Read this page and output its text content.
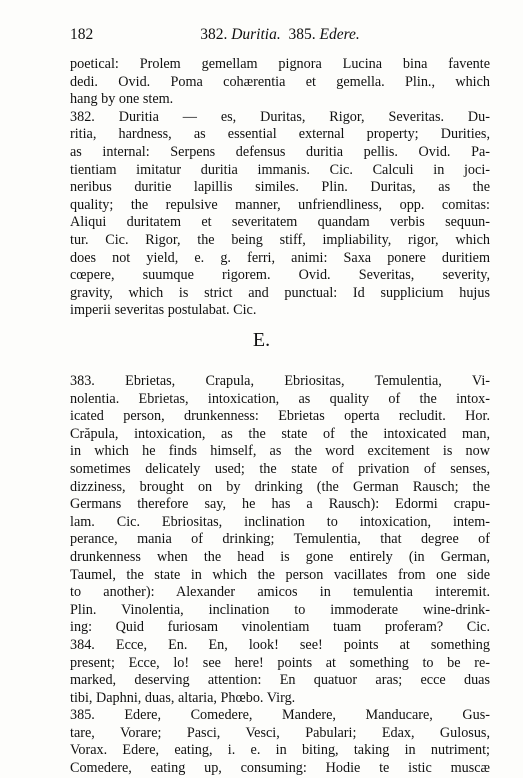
182	382. Duritia. 385. Edere.
poetical: Prolem gemellam pignora Lucina bina favente
dedi. Ovid. Poma cohærentia et gemella. Plin., which
hang by one stem.
382. Duritia — es, Duritas, Rigor, Severitas. Du-
ritia, hardness, as essential external property; Durities,
as internal: Serpens defensus duritia pellis. Ovid. Pa-
tientiam imitatur duritia immanis. Cic. Calculi in joci-
neribus duritie lapillis similes. Plin. Duritas, as the
quality; the repulsive manner, unfriendliness, opp. comitas:
Aliqui duritatem et severitatem quandam verbis sequun-
tur. Cic. Rigor, the being stiff, impliability, rigor, which
does not yield, e. g. ferri, animi: Saxa ponere duritiem
cœpere, suumque rigorem. Ovid. Severitas, severity,
gravity, which is strict and punctual: Id supplicium hujus
imperii severitas postulabat. Cic.
E.
383. Ebrietas, Crapula, Ebriositas, Temulentia, Vi-
nolentia. Ebrietas, intoxication, as quality of the intox-
icated person, drunkenness: Ebrietas operta recludit. Hor.
Crăpula, intoxication, as the state of the intoxicated man,
in which he finds himself, as the word excitement is now
sometimes delicately used; the state of privation of senses,
dizziness, brought on by drinking (the German Rausch; the
Germans therefore say, he has a Rausch): Edormi crapu-
lam. Cic. Ebriositas, inclination to intoxication, intem-
perance, mania of drinking; Temulentia, that degree of
drunkenness when the head is gone entirely (in German,
Taumel, the state in which the person vacillates from one side
to another): Alexander amicos in temulentia interemit.
Plin. Vinolentia, inclination to immoderate wine-drink-
ing: Quid furiosam vinolentiam tuam proferam? Cic.
384. Ecce, En. En, look! see! points at something
present; Ecce, lo! see here! points at something to be re-
marked, deserving attention: En quatuor aras; ecce duas
tibi, Daphni, duas, altaria, Phœbo. Virg.
385. Edere, Comedere, Mandere, Manducare, Gus-
tare, Vorare; Pasci, Vesci, Pabulari; Edax, Gulosus,
Vorax. Edere, eating, i. e. in biting, taking in nutriment;
Comedere, eating up, consuming: Hodie te istic muscæ
